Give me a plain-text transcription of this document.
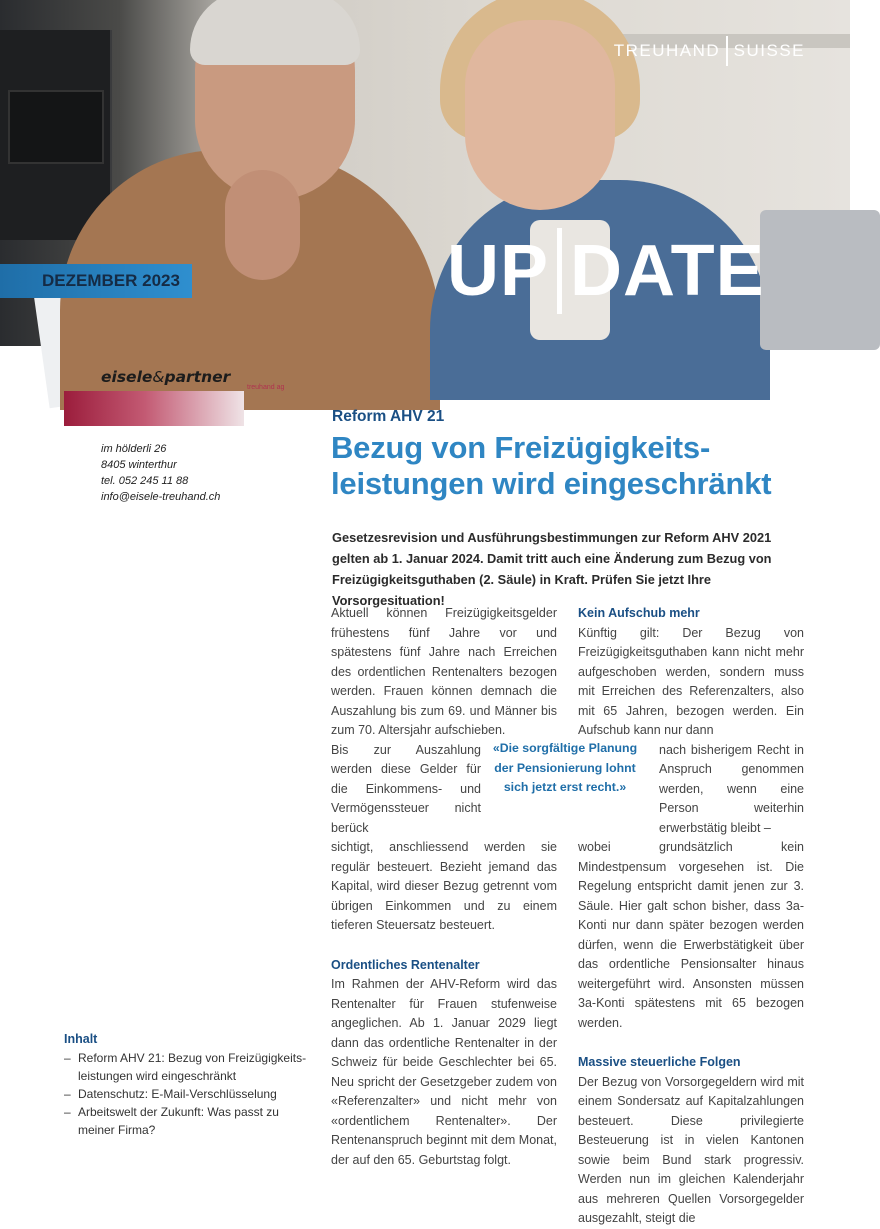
TREUHAND SUISSE
UP DATE
DEZEMBER 2023
eisele&partner
treuhand ag
im hölderli 26
8405 winterthur
tel. 052 245 11 88
info@eisele-treuhand.ch
Inhalt
– Reform AHV 21: Bezug von Freizügigkeits-leistungen wird eingeschränkt
– Datenschutz: E-Mail-Verschlüsselung
– Arbeitswelt der Zukunft: Was passt zu meiner Firma?
Reform AHV 21
Bezug von Freizügigkeits-
leistungen wird eingeschränkt

Gesetzesrevision und Ausführungsbestimmungen zur Reform AHV 2021 gelten ab 1. Januar 2024. Damit tritt auch eine Änderung zum Bezug von Freizügigkeitsguthaben (2. Säule) in Kraft. Prüfen Sie jetzt Ihre Vorsorgesituation!

Aktuell können Freizügigkeitsgelder frühestens fünf Jahre vor und spätestens fünf Jahre nach Erreichen des ordentlichen Rentenalters bezogen werden. Frauen können demnach die Auszahlung bis zum 69. und Männer bis zum 70. Altersjahr aufschieben.

Bis zur Auszahlung werden diese Gelder für die Einkommens- und Vermögenssteuer nicht berück

sichtigt, anschliessend werden sie regulär besteuert. Bezieht jemand das Kapital, wird dieser Bezug getrennt vom übrigen Einkommen und zu einem tieferen Steuersatz besteuert.

Ordentliches Rentenalter

Im Rahmen der AHV-Reform wird das Rentenalter für Frauen stufenweise angeglichen. Ab 1. Januar 2029 liegt dann das ordentliche Rentenalter in der Schweiz für beide Geschlechter bei 65. Neu spricht der Gesetzgeber zudem von «Referenzalter» und nicht mehr von «ordentlichem Rentenalter». Der Rentenanspruch beginnt mit dem Monat, der auf den 65. Geburtstag folgt.

«Die sorgfältige Planung der Pensionierung lohnt sich jetzt erst recht.»
Kein Aufschub mehr

Künftig gilt: Der Bezug von Freizügigkeitsguthaben kann nicht mehr aufgeschoben werden, sondern muss mit Erreichen des Referenzalters, also mit 65 Jahren, bezogen werden. Ein Aufschub kann nur dann

nach bisherigem Recht in Anspruch genommen werden, wenn eine Person weiterhin erwerbstätig bleibt –

wobei grundsätzlich kein Mindestpensum vorgesehen ist. Die Regelung entspricht damit jenen zur 3. Säule. Hier galt schon bisher, dass 3a-Konti nur dann später bezogen werden dürfen, wenn die Erwerbstätigkeit über das ordentliche Pensionsalter hinaus weitergeführt wird. Ansonsten müssen 3a-Konti spätestens mit 65 bezogen werden.

Massive steuerliche Folgen

Der Bezug von Vorsorgegeldern wird mit einem Sondersatz auf Kapitalzahlungen besteuert. Diese privilegierte Besteuerung ist in vielen Kantonen sowie beim Bund stark progressiv. Werden nun im gleichen Kalenderjahr aus mehreren Quellen Vorsorgegelder ausgezahlt, steigt die
